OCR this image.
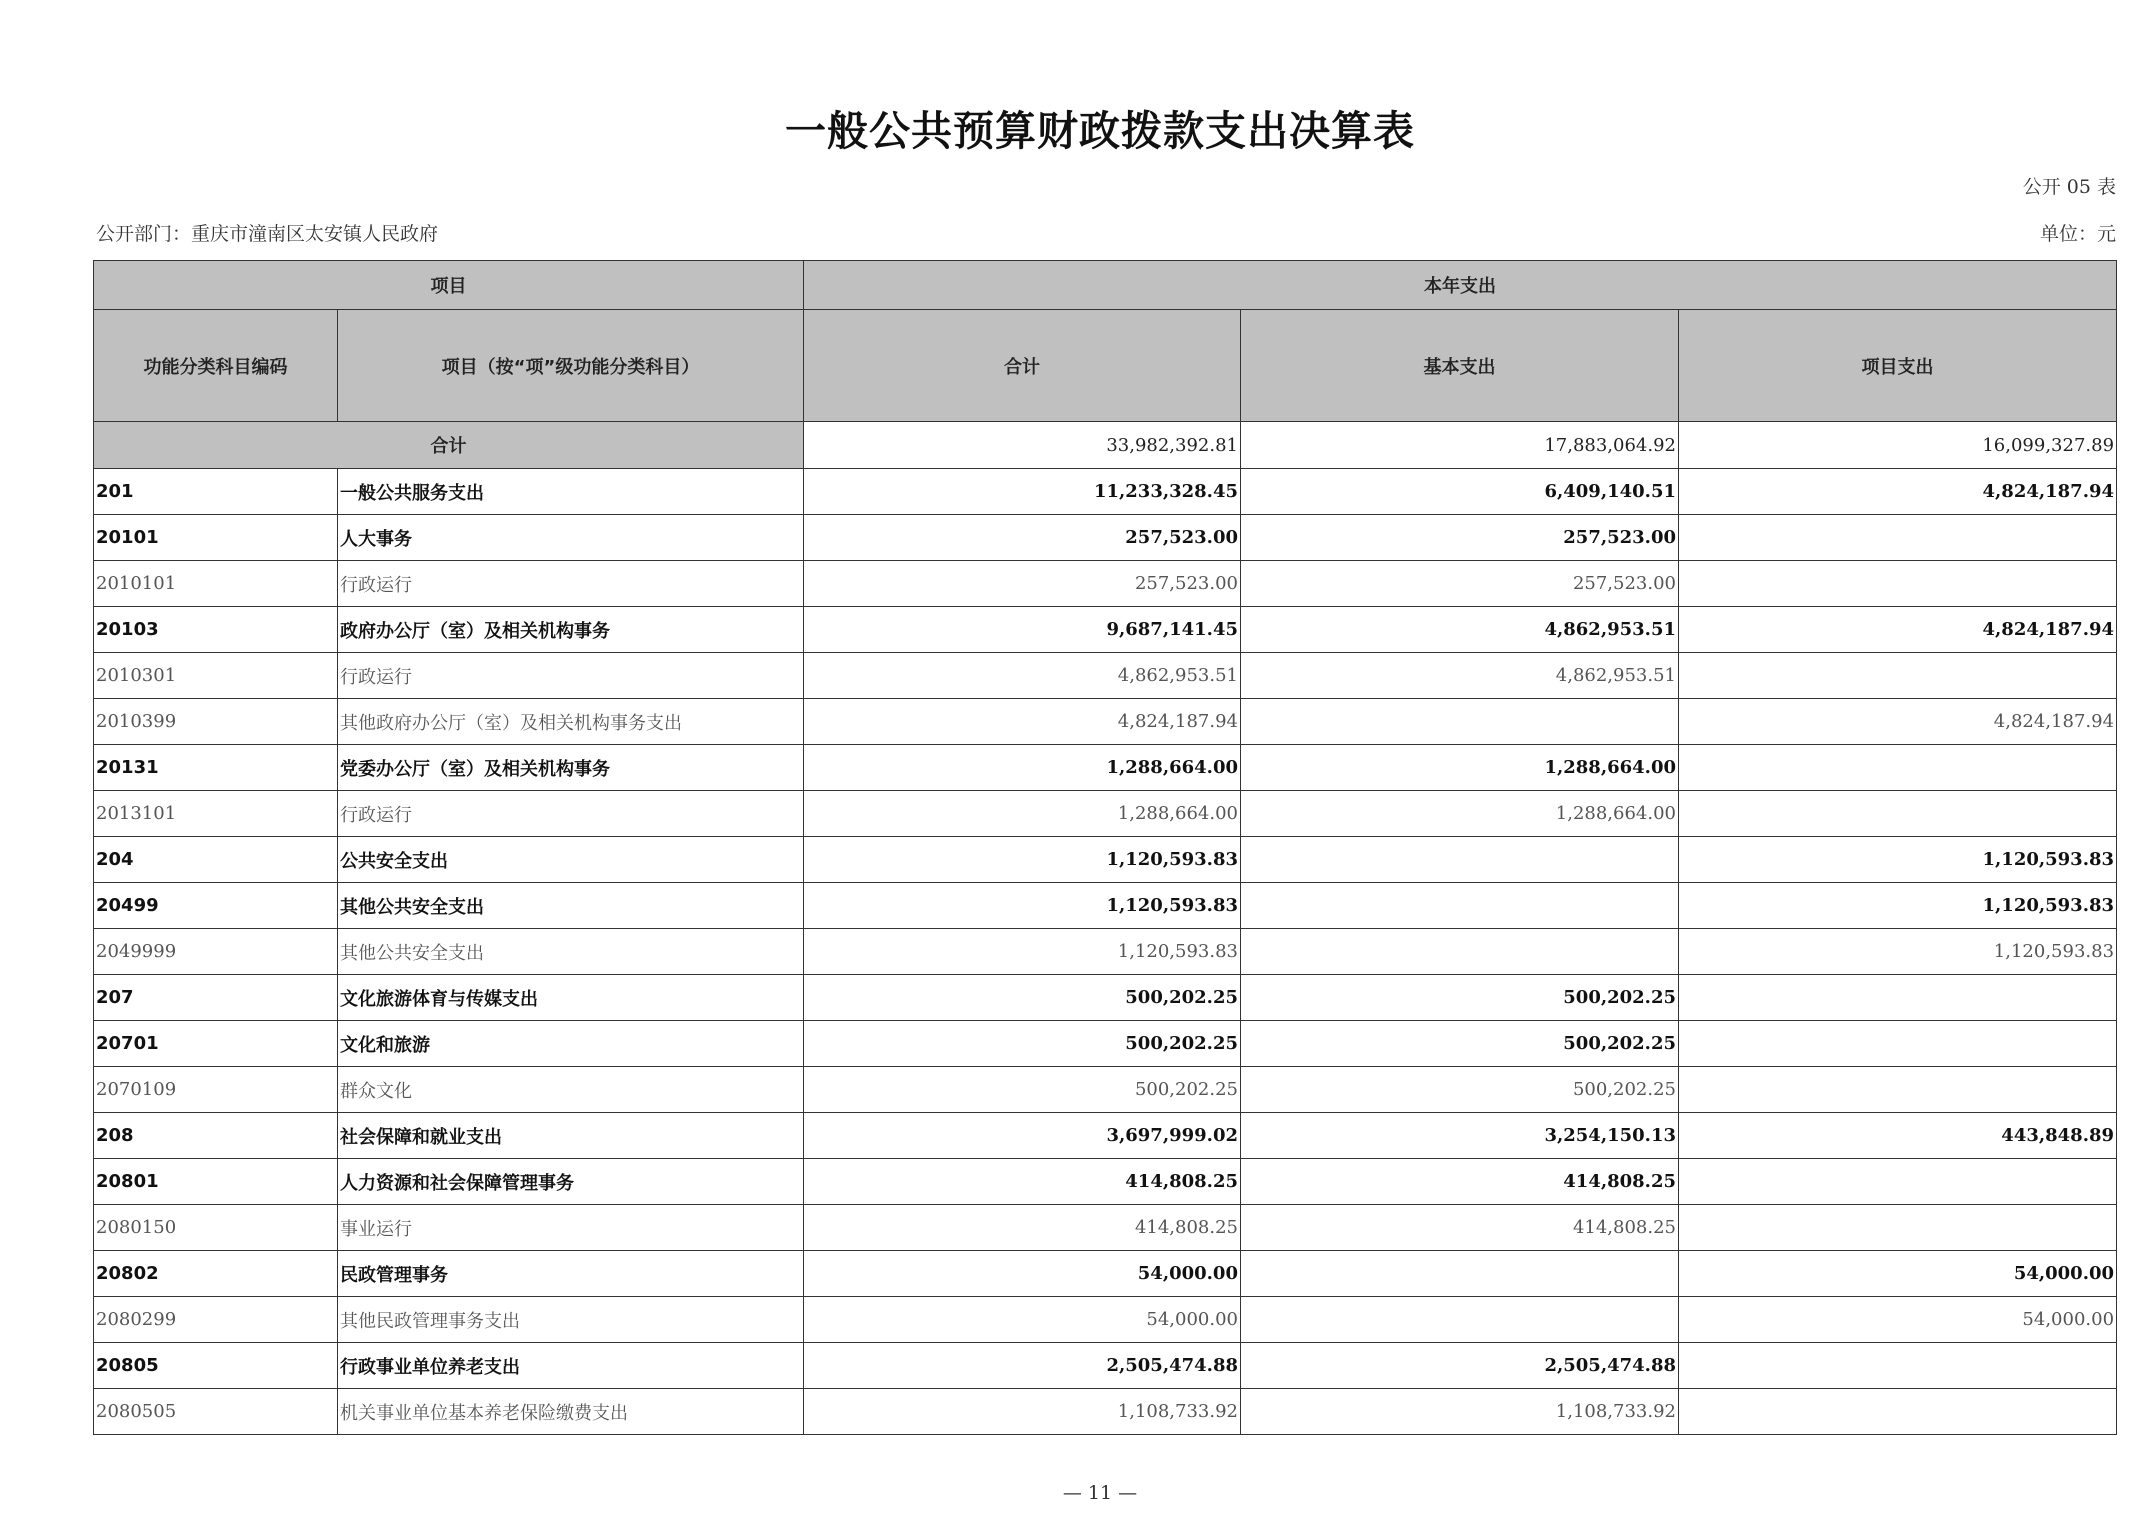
一般公共预算财政拨款支出决算表
公开 05 表
公开部门：重庆市潼南区太安镇人民政府	单位：元
项目		本年支出		
功能分类科目编码	项目（按“项”级功能分类科目）	合计	基本支出	项目支出
合计		33,982,392.81	17,883,064.92	16,099,327.89
201	一般公共服务支出	11,233,328.45	6,409,140.51	4,824,187.94
20101	人大事务	257,523.00	257,523.00	
2010101	行政运行	257,523.00	257,523.00	
20103	政府办公厅（室）及相关机构事务	9,687,141.45	4,862,953.51	4,824,187.94
2010301	行政运行	4,862,953.51	4,862,953.51	
2010399	其他政府办公厅（室）及相关机构事务支出	4,824,187.94		4,824,187.94
20131	党委办公厅（室）及相关机构事务	1,288,664.00	1,288,664.00	
2013101	行政运行	1,288,664.00	1,288,664.00	
204	公共安全支出	1,120,593.83		1,120,593.83
20499	其他公共安全支出	1,120,593.83		1,120,593.83
2049999	其他公共安全支出	1,120,593.83		1,120,593.83
207	文化旅游体育与传媒支出	500,202.25	500,202.25	
20701	文化和旅游	500,202.25	500,202.25	
2070109	群众文化	500,202.25	500,202.25	
208	社会保障和就业支出	3,697,999.02	3,254,150.13	443,848.89
20801	人力资源和社会保障管理事务	414,808.25	414,808.25	
2080150	事业运行	414,808.25	414,808.25	
20802	民政管理事务	54,000.00		54,000.00
2080299	其他民政管理事务支出	54,000.00		54,000.00
20805	行政事业单位养老支出	2,505,474.88	2,505,474.88	
2080505	机关事业单位基本养老保险缴费支出	1,108,733.92	1,108,733.92	
— 11 —
